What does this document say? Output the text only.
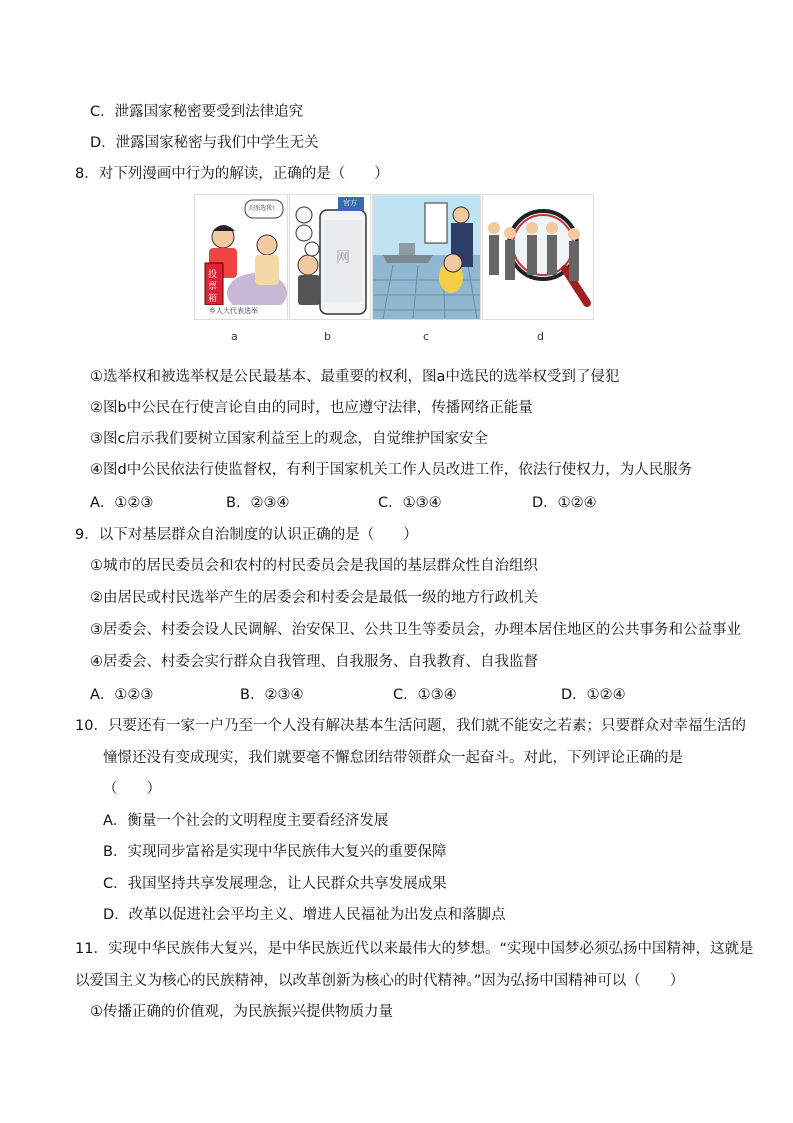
C．泄露国家秘密要受到法律追究
D．泄露国家秘密与我们中学生无关
8．对下列漫画中行为的解读，正确的是（　　）
投
票
箱
关照选我!
乡人大代表选举
网
官方
a	b	c	d
①选举权和被选举权是公民最基本、最重要的权利，图a中选民的选举权受到了侵犯
②图b中公民在行使言论自由的同时，也应遵守法律，传播网络正能量
③图c启示我们要树立国家利益至上的观念，自觉维护国家安全
④图d中公民依法行使监督权，有利于国家机关工作人员改进工作，依法行使权力，为人民服务
A．①②③	B．②③④	C．①③④	D．①②④
9．以下对基层群众自治制度的认识正确的是（　　）
①城市的居民委员会和农村的村民委员会是我国的基层群众性自治组织
②由居民或村民选举产生的居委会和村委会是最低一级的地方行政机关
③居委会、村委会设人民调解、治安保卫、公共卫生等委员会，办理本居住地区的公共事务和公益事业
④居委会、村委会实行群众自我管理、自我服务、自我教育、自我监督
A．①②③	B．②③④	C．①③④	D．①②④
10．只要还有一家一户乃至一个人没有解决基本生活问题，我们就不能安之若素；只要群众对幸福生活的
憧憬还没有变成现实，我们就要毫不懈怠团结带领群众一起奋斗。对此，下列评论正确的是
（　　）
A．衡量一个社会的文明程度主要看经济发展
B．实现同步富裕是实现中华民族伟大复兴的重要保障
C．我国坚持共享发展理念，让人民群众共享发展成果
D．改革以促进社会平均主义、增进人民福祉为出发点和落脚点
11．实现中华民族伟大复兴，是中华民族近代以来最伟大的梦想。“实现中国梦必须弘扬中国精神，这就是
以爱国主义为核心的民族精神，以改革创新为核心的时代精神。”因为弘扬中国精神可以（　　）
①传播正确的价值观，为民族振兴提供物质力量
